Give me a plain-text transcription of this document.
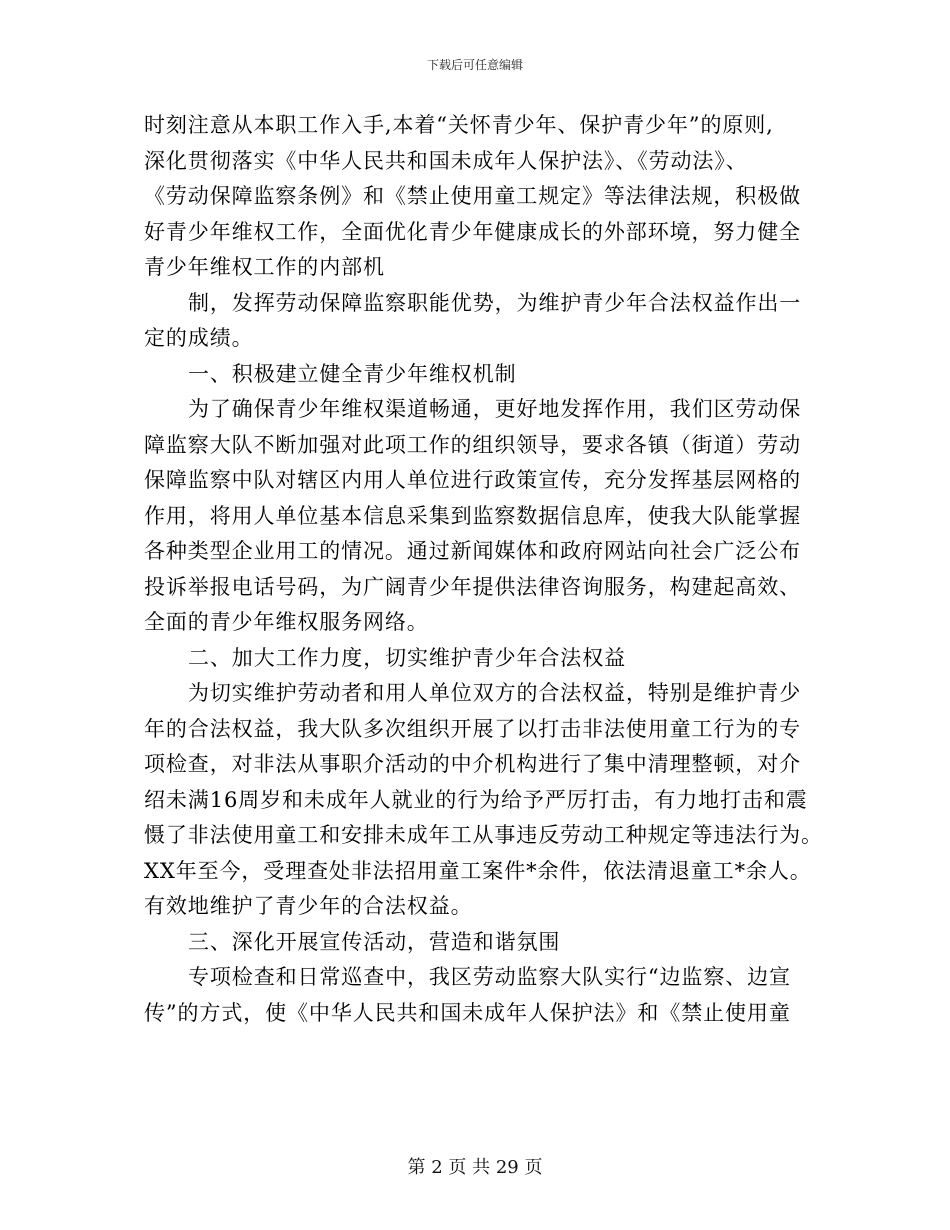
下载后可任意编辑
时刻注意从本职工作入手,本着“关怀青少年、保护青少年”的原则,
深化贯彻落实《中华人民共和国未成年人保护法》、《劳动法》、
《劳动保障监察条例》和《禁止使用童工规定》等法律法规，积极做
好青少年维权工作，全面优化青少年健康成长的外部环境，努力健全
青少年维权工作的内部机
制，发挥劳动保障监察职能优势，为维护青少年合法权益作出一
定的成绩。
一、积极建立健全青少年维权机制
为了确保青少年维权渠道畅通，更好地发挥作用，我们区劳动保
障监察大队不断加强对此项工作的组织领导，要求各镇（街道）劳动
保障监察中队对辖区内用人单位进行政策宣传，充分发挥基层网格的
作用，将用人单位基本信息采集到监察数据信息库，使我大队能掌握
各种类型企业用工的情况。通过新闻媒体和政府网站向社会广泛公布
投诉举报电话号码，为广阔青少年提供法律咨询服务，构建起高效、
全面的青少年维权服务网络。
二、加大工作力度，切实维护青少年合法权益
为切实维护劳动者和用人单位双方的合法权益，特别是维护青少
年的合法权益，我大队多次组织开展了以打击非法使用童工行为的专
项检查，对非法从事职介活动的中介机构进行了集中清理整顿，对介
绍未满16周岁和未成年人就业的行为给予严厉打击，有力地打击和震
慑了非法使用童工和安排未成年工从事违反劳动工种规定等违法行为。
XX年至今，受理查处非法招用童工案件*余件，依法清退童工*余人。
有效地维护了青少年的合法权益。
三、深化开展宣传活动，营造和谐氛围
专项检查和日常巡查中，我区劳动监察大队实行“边监察、边宣
传”的方式，使《中华人民共和国未成年人保护法》和《禁止使用童
第 2 页 共 29 页
